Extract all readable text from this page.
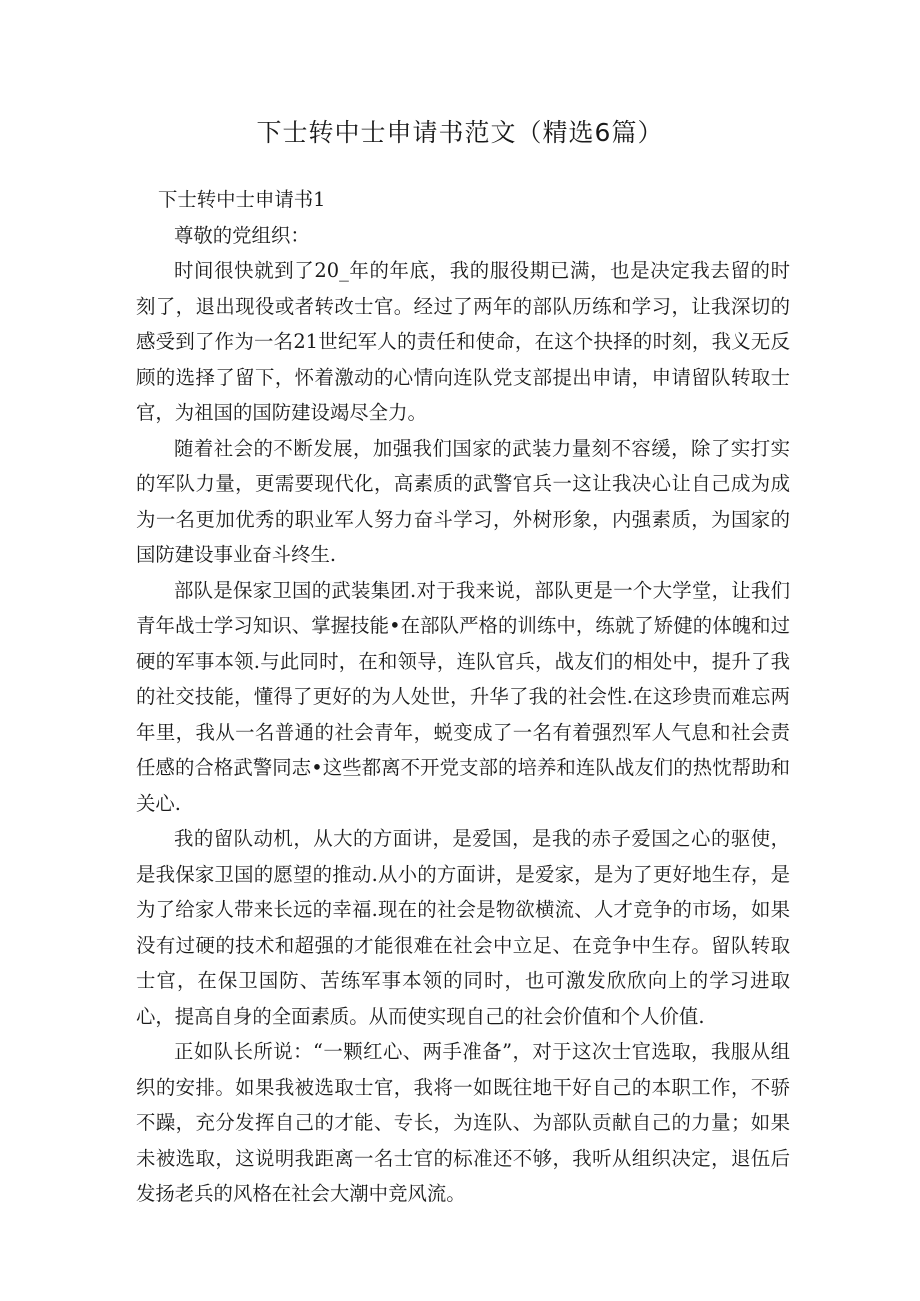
下士转中士申请书范文（精选6篇）

下士转中士申请书1

尊敬的党组织：

时间很快就到了20_年的年底，我的服役期已满，也是决定我去留的时刻了，退出现役或者转改士官。经过了两年的部队历练和学习，让我深切的感受到了作为一名21世纪军人的责任和使命，在这个抉择的时刻，我义无反顾的选择了留下，怀着激动的心情向连队党支部提出申请，申请留队转取士官，为祖国的国防建设竭尽全力。

随着社会的不断发展，加强我们国家的武装力量刻不容缓，除了实打实的军队力量，更需要现代化，高素质的武警官兵一这让我决心让自己成为成为一名更加优秀的职业军人努力奋斗学习，外树形象，内强素质，为国家的国防建设事业奋斗终生.

部队是保家卫国的武装集团.对于我来说，部队更是一个大学堂，让我们青年战士学习知识、掌握技能•在部队严格的训练中，练就了矫健的体魄和过硬的军事本领.与此同时，在和领导，连队官兵，战友们的相处中，提升了我的社交技能，懂得了更好的为人处世，升华了我的社会性.在这珍贵而难忘两年里，我从一名普通的社会青年，蜕变成了一名有着强烈军人气息和社会责任感的合格武警同志•这些都离不开党支部的培养和连队战友们的热忱帮助和关心.

我的留队动机，从大的方面讲，是爱国，是我的赤子爱国之心的驱使，是我保家卫国的愿望的推动.从小的方面讲，是爱家，是为了更好地生存，是为了给家人带来长远的幸福.现在的社会是物欲横流、人才竞争的市场，如果没有过硬的技术和超强的才能很难在社会中立足、在竞争中生存。留队转取士官，在保卫国防、苦练军事本领的同时，也可激发欣欣向上的学习进取心，提高自身的全面素质。从而使实现自己的社会价值和个人价值.

正如队长所说：“一颗红心、两手准备”，对于这次士官选取，我服从组织的安排。如果我被选取士官，我将一如既往地干好自己的本职工作，不骄不躁，充分发挥自己的才能、专长，为连队、为部队贡献自己的力量；如果未被选取，这说明我距离一名士官的标准还不够，我听从组织决定，退伍后发扬老兵的风格在社会大潮中竞风流。
